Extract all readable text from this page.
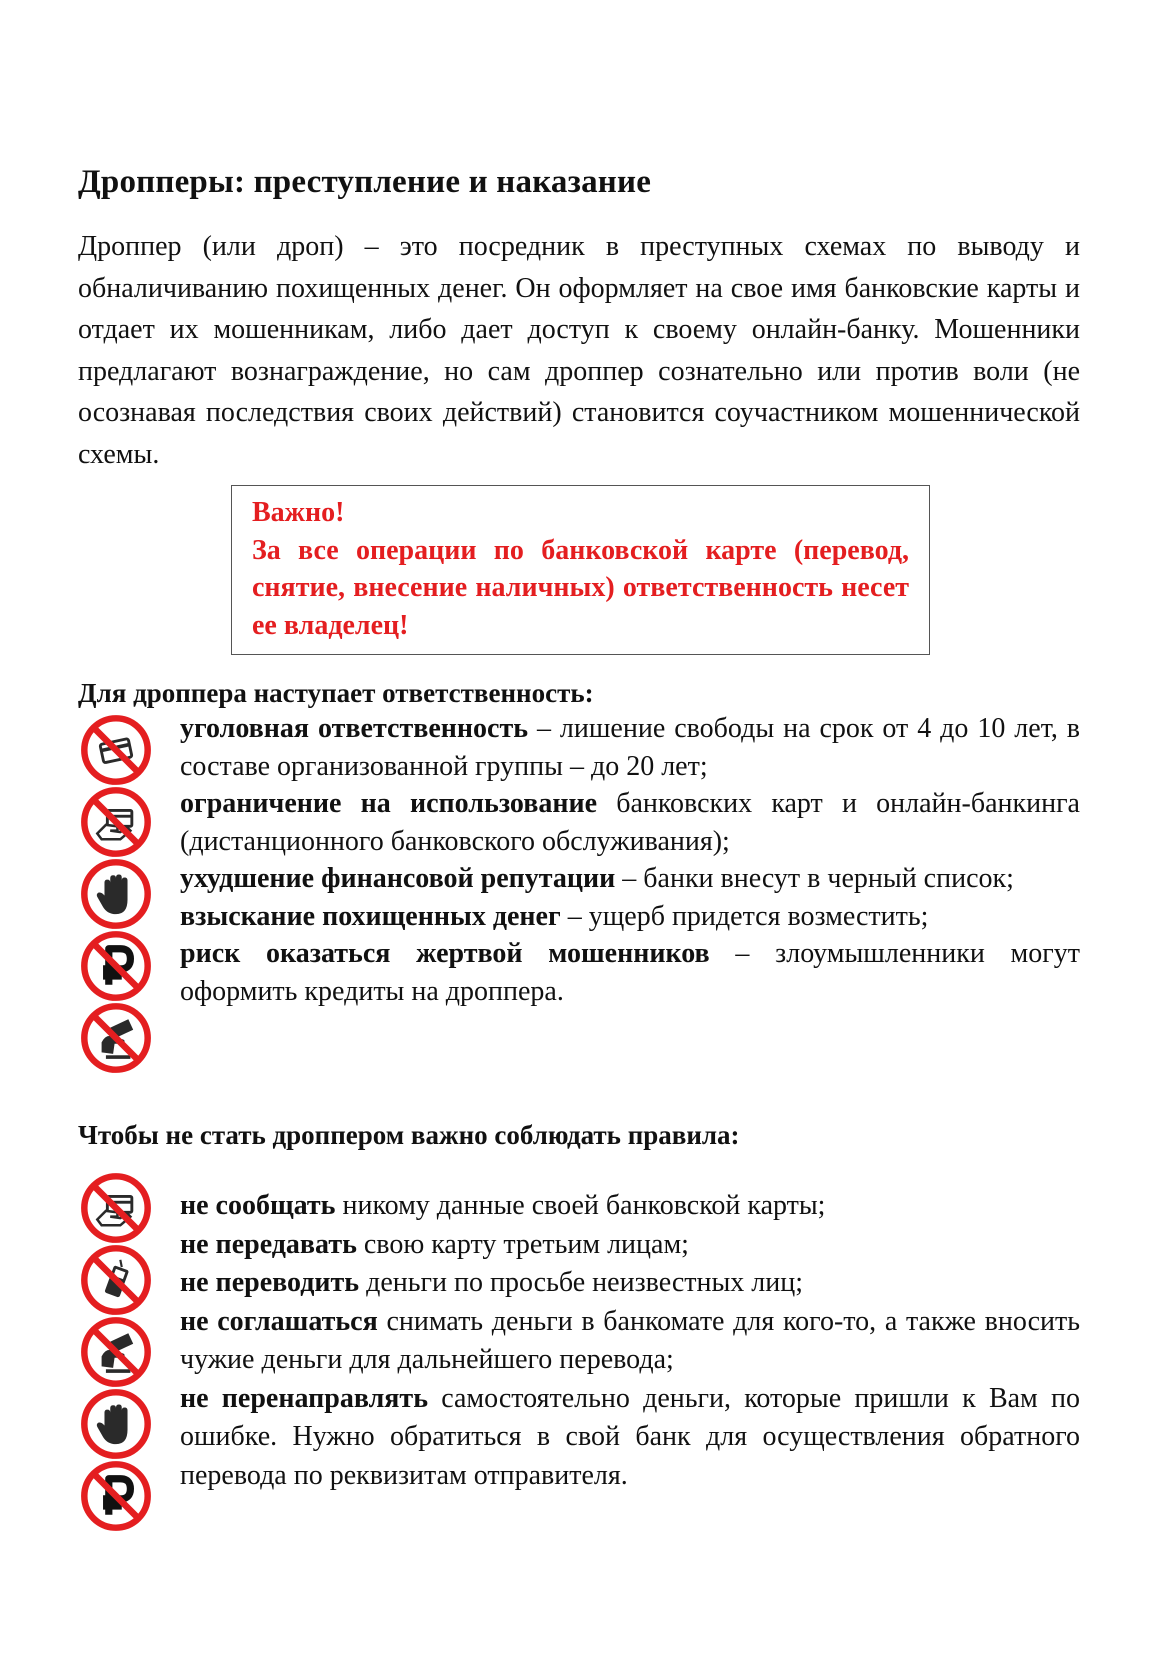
Дропперы: преступление и наказание
Дроппер (или дроп) – это посредник в преступных схемах по выводу и обналичиванию похищенных денег. Он оформляет на свое имя банковские карты и отдает их мошенникам, либо дает доступ к своему онлайн-банку. Мошенники предлагают вознаграждение, но сам дроппер сознательно или против воли (не осознавая последствия своих действий) становится соучастником мошеннической схемы.
Важно!
За все операции по банковской карте (перевод, снятие, внесение наличных) ответственность несет ее владелец!
Для дроппера наступает ответственность:
уголовная ответственность – лишение свободы на срок от 4 до 10 лет, в составе организованной группы – до 20 лет;
ограничение на использование банковских карт и онлайн-банкинга (дистанционного банковского обслуживания);
ухудшение финансовой репутации – банки внесут в черный список;
взыскание похищенных денег – ущерб придется возместить;
риск оказаться жертвой мошенников – злоумышленники могут оформить кредиты на дроппера.
Чтобы не стать дроппером важно соблюдать правила:
не сообщать никому данные своей банковской карты;
не передавать свою карту третьим лицам;
не переводить деньги по просьбе неизвестных лиц;
не соглашаться снимать деньги в банкомате для кого-то, а также вносить чужие деньги для дальнейшего перевода;
не перенаправлять самостоятельно деньги, которые пришли к Вам по ошибке. Нужно обратиться в свой банк для осуществления обратного перевода по реквизитам отправителя.
